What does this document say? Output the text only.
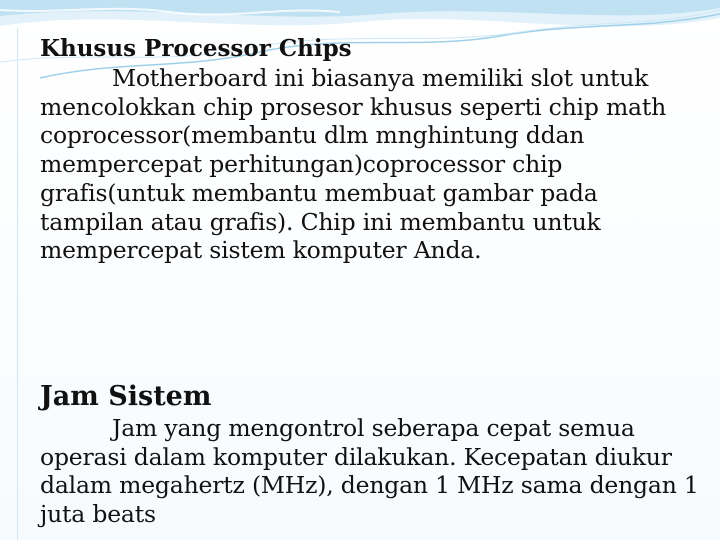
Khusus Processor Chips

Motherboard ini biasanya memiliki slot untuk mencolokkan chip prosesor khusus seperti chip math coprocessor(membantu dlm mnghintung ddan mempercepat perhitungan)coprocessor chip grafis(untuk membantu membuat gambar pada tampilan atau grafis). Chip ini membantu untuk mempercepat sistem komputer Anda.

Jam Sistem

Jam yang mengontrol seberapa cepat semua operasi dalam komputer dilakukan. Kecepatan diukur dalam megahertz (MHz), dengan 1 MHz sama dengan 1 juta beats
